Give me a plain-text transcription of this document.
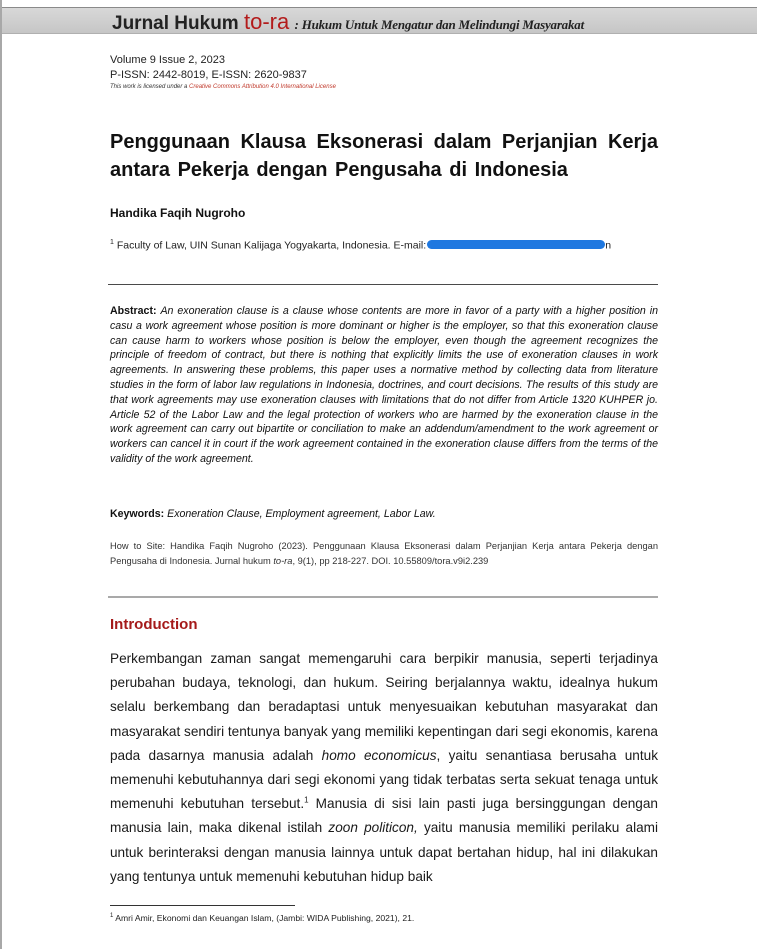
Jurnal Hukum to-ra : Hukum Untuk Mengatur dan Melindungi Masyarakat
Volume 9 Issue 2, 2023
P-ISSN: 2442-8019, E-ISSN: 2620-9837
This work is licensed under a Creative Commons Attribution 4.0 International License
Penggunaan Klausa Eksonerasi dalam Perjanjian Kerja antara Pekerja dengan Pengusaha di Indonesia
Handika Faqih Nugroho
$^1$ Faculty of Law, UIN Sunan Kalijaga Yogyakarta, Indonesia. E-mail:	n
Abstract: An exoneration clause is a clause whose contents are more in favor of a party with a higher position in casu a work agreement whose position is more dominant or higher is the employer, so that this exoneration clause can cause harm to workers whose position is below the employer, even though the agreement recognizes the principle of freedom of contract, but there is nothing that explicitly limits the use of exoneration clauses in work agreements. In answering these problems, this paper uses a normative method by collecting data from literature studies in the form of labor law regulations in Indonesia, doctrines, and court decisions. The results of this study are that work agreements may use exoneration clauses with limitations that do not differ from Article 1320 KUHPER jo. Article 52 of the Labor Law and the legal protection of workers who are harmed by the exoneration clause in the work agreement can carry out bipartite or conciliation to make an addendum/amendment to the work agreement or workers can cancel it in court if the work agreement contained in the exoneration clause differs from the terms of the validity of the work agreement.
Keywords: Exoneration Clause, Employment agreement, Labor Law.
How to Site: Handika Faqih Nugroho (2023). Penggunaan Klausa Eksonerasi dalam Perjanjian Kerja antara Pekerja dengan Pengusaha di Indonesia. Jurnal hukum to-ra, 9(1), pp 218-227. DOI. 10.55809/tora.v9i2.239
Introduction
Perkembangan zaman sangat memengaruhi cara berpikir manusia, seperti terjadinya perubahan budaya, teknologi, dan hukum. Seiring berjalannya waktu, idealnya hukum selalu berkembang dan beradaptasi untuk menyesuaikan kebutuhan masyarakat dan masyarakat sendiri tentunya banyak yang memiliki kepentingan dari segi ekonomis, karena pada dasarnya manusia adalah homo economicus, yaitu senantiasa berusaha untuk memenuhi kebutuhannya dari segi ekonomi yang tidak terbatas serta sekuat tenaga untuk memenuhi kebutuhan tersebut.$^1$ Manusia di sisi lain pasti juga bersinggungan dengan manusia lain, maka dikenal istilah zoon politicon, yaitu manusia memiliki perilaku alami untuk berinteraksi dengan manusia lainnya untuk dapat bertahan hidup, hal ini dilakukan yang tentunya untuk memenuhi kebutuhan hidup baik
$^1$ Amri Amir, Ekonomi dan Keuangan Islam, (Jambi: WIDA Publishing, 2021), 21.
